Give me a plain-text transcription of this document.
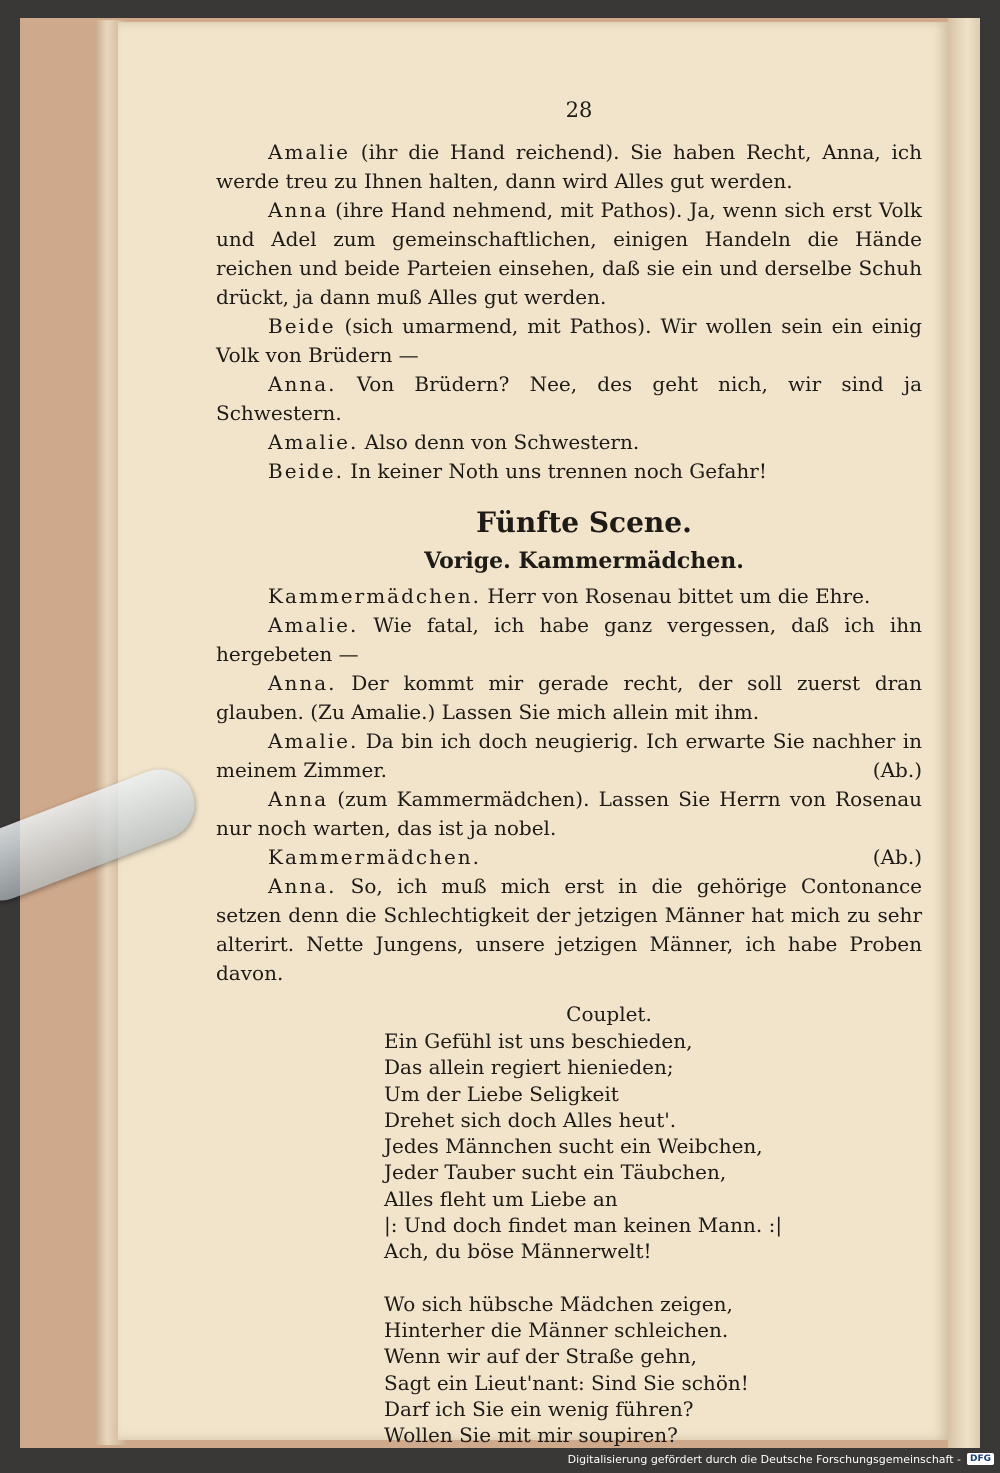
28

Amalie (ihr die Hand reichend). Sie haben Recht, Anna, ich werde treu zu Ihnen halten, dann wird Alles gut werden.

Anna (ihre Hand nehmend, mit Pathos). Ja, wenn sich erst Volk und Adel zum gemeinschaftlichen, einigen Handeln die Hände reichen und beide Parteien einsehen, daß sie ein und derselbe Schuh drückt, ja dann muß Alles gut werden.

Beide (sich umarmend, mit Pathos). Wir wollen sein ein einig Volk von Brüdern —

Anna. Von Brüdern? Nee, des geht nich, wir sind ja Schwestern.

Amalie. Also denn von Schwestern.

Beide. In keiner Noth uns trennen noch Gefahr!

Fünfte Scene.
Vorige. Kammermädchen.

Kammermädchen. Herr von Rosenau bittet um die Ehre.

Amalie. Wie fatal, ich habe ganz vergessen, daß ich ihn hergebeten —

Anna. Der kommt mir gerade recht, der soll zuerst dran glauben. (Zu Amalie.) Lassen Sie mich allein mit ihm.

Amalie. Da bin ich doch neugierig. Ich erwarte Sie nachher in meinem Zimmer.	(Ab.)

Anna (zum Kammermädchen). Lassen Sie Herrn von Rosenau nur noch warten, das ist ja nobel.

Kammermädchen.	(Ab.)

Anna. So, ich muß mich erst in die gehörige Contonance setzen denn die Schlechtigkeit der jetzigen Männer hat mich zu sehr alterirt. Nette Jungens, unsere jetzigen Männer, ich habe Proben davon.

Couplet.
Ein Gefühl ist uns beschieden,
Das allein regiert hienieden;
Um der Liebe Seligkeit
Drehet sich doch Alles heut'.
Jedes Männchen sucht ein Weibchen,
Jeder Tauber sucht ein Täubchen,
Alles fleht um Liebe an
|: Und doch findet man keinen Mann. :|
Ach, du böse Männerwelt!
Wo sich hübsche Mädchen zeigen,
Hinterher die Männer schleichen.
Wenn wir auf der Straße gehn,
Sagt ein Lieut'nant: Sind Sie schön!
Darf ich Sie ein wenig führen?
Wollen Sie mit mir soupiren?
Digitalisierung gefördert durch die Deutsche Forschungsgemeinschaft -	DFG
